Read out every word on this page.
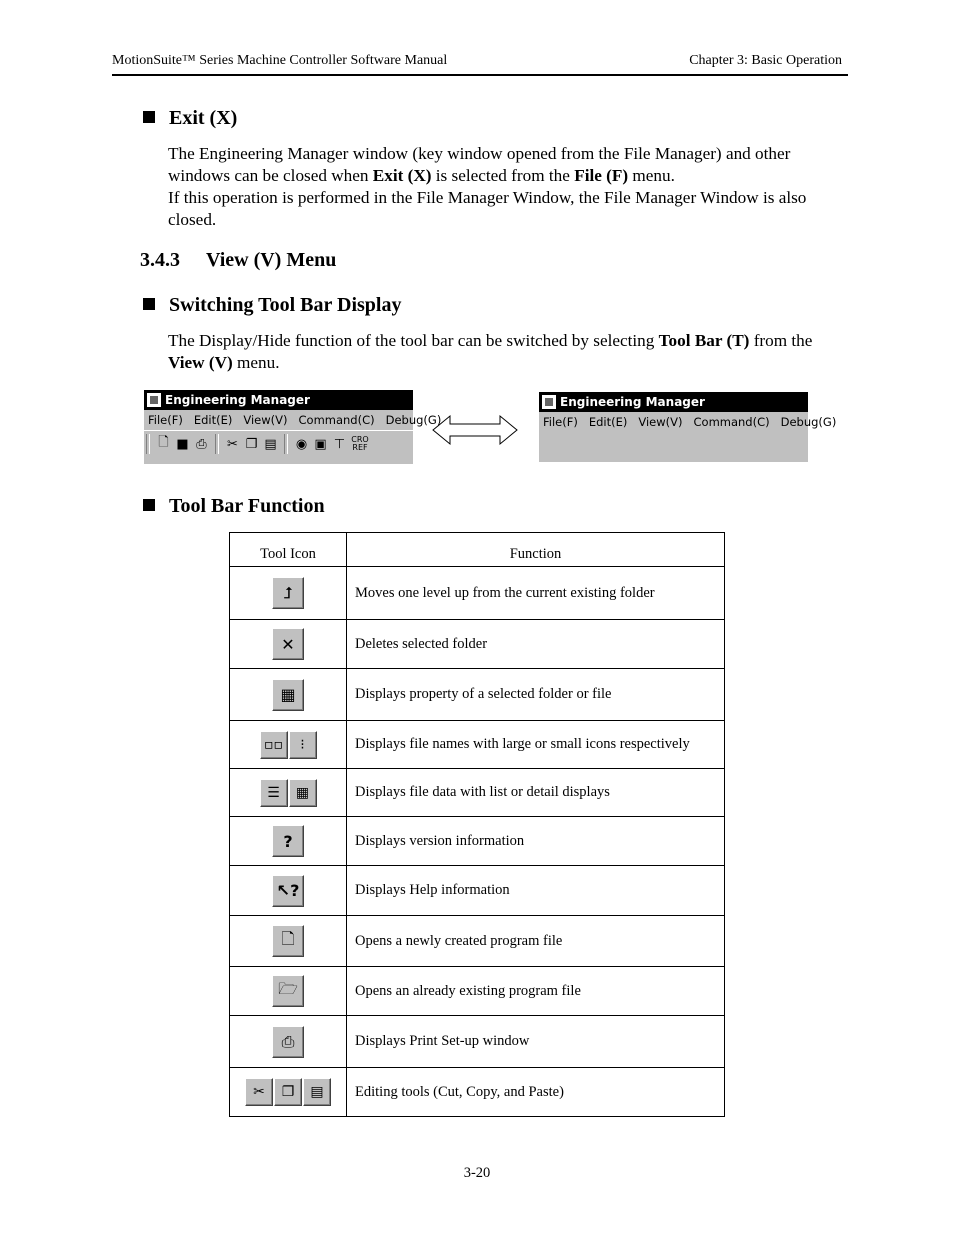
MotionSuite™ Series Machine Controller Software Manual	Chapter 3: Basic Operation
Exit (X)
The Engineering Manager window (key window opened from the File Manager) and other windows can be closed when Exit (X) is selected from the File (F) menu.
If this operation is performed in the File Manager Window, the File Manager Window is also closed.
3.4.3 View (V) Menu
Switching Tool Bar Display
The Display/Hide function of the tool bar can be switched by selecting Tool Bar (T) from the View (V) menu.
Engineering Manager
File(F) Edit(E) View(V) Command(C) Debug(G)
🗋 ■ ⎙	✂ ❐ ▤ ◉ ▣ ⊤ CRO REF
Engineering Manager
File(F) Edit(E) View(V) Command(C) Debug(G)
Tool Bar Function
Tool Icon	Function
⮥	Moves one level up from the current existing folder
✕	Deletes selected folder
▦	Displays property of a selected folder or file
▫▫ ⁝	Displays file names with large or small icons respectively
☰ ▦	Displays file data with list or detail displays
?	Displays version information
↖?	Displays Help information
🗋	Opens a newly created program file
🗁	Opens an already existing program file
⎙	Displays Print Set-up window
✂ ❐ ▤	Editing tools (Cut, Copy, and Paste)
3-20
